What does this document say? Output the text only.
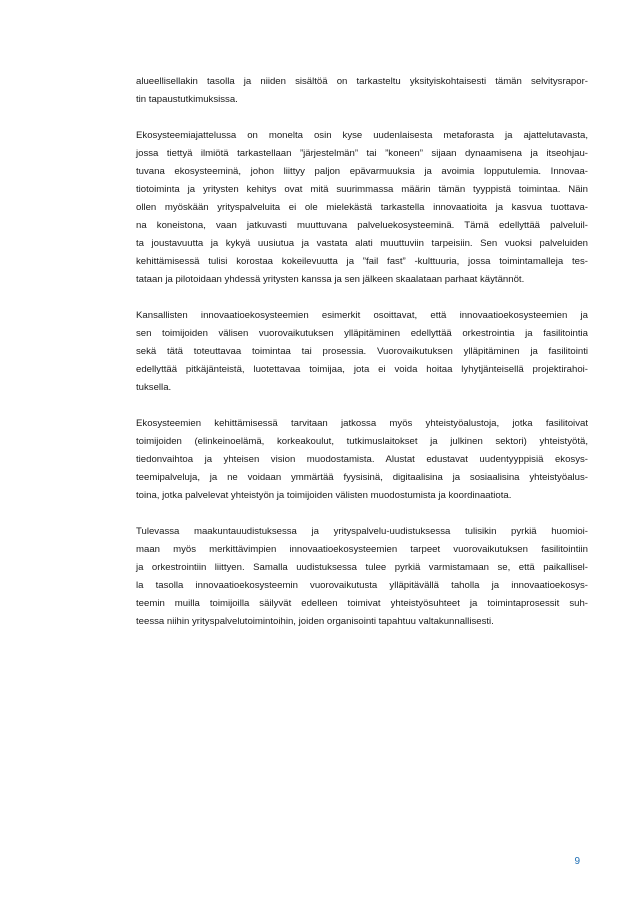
alueellisellakin tasolla ja niiden sisältöä on tarkasteltu yksityiskohtaisesti tämän selvitysrapor-
tin tapaustutkimuksissa.

Ekosysteemiajattelussa on monelta osin kyse uudenlaisesta metaforasta ja ajattelutavasta,
jossa tiettyä ilmiötä tarkastellaan ”järjestelmän” tai ”koneen” sijaan dynaamisena ja itseohjau-
tuvana ekosysteeminä, johon liittyy paljon epävarmuuksia ja avoimia lopputulemia. Innovaa-
tiotoiminta ja yritysten kehitys ovat mitä suurimmassa määrin tämän tyyppistä toimintaa. Näin
ollen myöskään yrityspalveluita ei ole mielekästä tarkastella innovaatioita ja kasvua tuottava-
na koneistona, vaan jatkuvasti muuttuvana palveluekosysteeminä. Tämä edellyttää palveluil-
ta joustavuutta ja kykyä uusiutua ja vastata alati muuttuviin tarpeisiin. Sen vuoksi palveluiden
kehittämisessä tulisi korostaa kokeilevuutta ja ”fail fast” -kulttuuria, jossa toimintamalleja tes-
tataan ja pilotoidaan yhdessä yritysten kanssa ja sen jälkeen skaalataan parhaat käytännöt.

Kansallisten innovaatioekosysteemien esimerkit osoittavat, että innovaatioekosysteemien ja
sen toimijoiden välisen vuorovaikutuksen ylläpitäminen edellyttää orkestrointia ja fasilitointia
sekä tätä toteuttavaa toimintaa tai prosessia. Vuorovaikutuksen ylläpitäminen ja fasilitointi
edellyttää pitkäjänteistä, luotettavaa toimijaa, jota ei voida hoitaa lyhytjänteisellä projektirahoi-
tuksella.

Ekosysteemien kehittämisessä tarvitaan jatkossa myös yhteistyöalustoja, jotka fasilitoivat
toimijoiden (elinkeinoelämä, korkeakoulut, tutkimuslaitokset ja julkinen sektori) yhteistyötä,
tiedonvaihtoa ja yhteisen vision muodostamista. Alustat edustavat uudentyyppisiä ekosys-
teemipalveluja, ja ne voidaan ymmärtää fyysisinä, digitaalisina ja sosiaalisina yhteistyöalus-
toina, jotka palvelevat yhteistyön ja toimijoiden välisten muodostumista ja koordinaatiota.

Tulevassa maakuntauudistuksessa ja yrityspalvelu-uudistuksessa tulisikin pyrkiä huomioi-
maan myös merkittävimpien innovaatioekosysteemien tarpeet vuorovaikutuksen fasilitointiin
ja orkestrointiin liittyen. Samalla uudistuksessa tulee pyrkiä varmistamaan se, että paikallisel-
la tasolla innovaatioekosysteemin vuorovaikutusta ylläpitävällä taholla ja innovaatioekosys-
teemin muilla toimijoilla säilyvät edelleen toimivat yhteistyösuhteet ja toimintaprosessit suh-
teessa niihin yrityspalvelutoimintoihin, joiden organisointi tapahtuu valtakunnallisesti.

9
